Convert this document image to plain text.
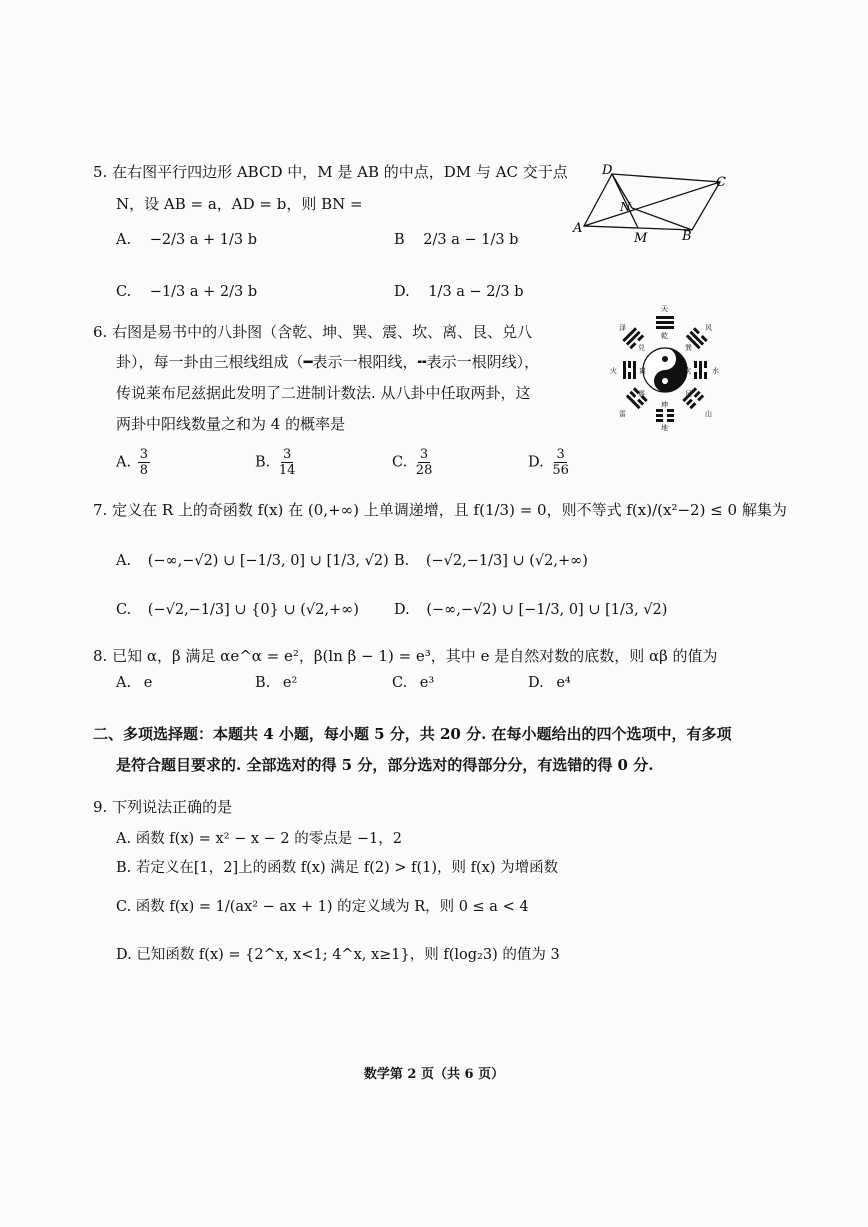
5. 在右图平行四边形 ABCD 中，M 是 AB 的中点，DM 与 AC 交于点
N，设 AB = a，AD = b，则 BN =
A. −2/3 a + 1/3 b	B 2/3 a − 1/3 b
C. −1/3 a + 2/3 b	D. 1/3 a − 2/3 b
D
C
N
A
M	B
6. 右图是易书中的八卦图（含乾、坤、巽、震、坎、离、艮、兑八
卦），每一卦由三根线组成（━表示一根阳线，╍表示一根阴线），
传说莱布尼兹据此发明了二进制计数法. 从八卦中任取两卦，这
两卦中阳线数量之和为 4 的概率是
A. $\frac{3}{8}$	B. $\frac{3}{14}$	C. $\frac{3}{28}$	D. $\frac{3}{56}$
天
乾
泽
兑
风
巽
火	离	坎	水
雷
震	艮
山
坤
地
7. 定义在 R 上的奇函数 f(x) 在 (0,+∞) 上单调递增，且 f(1/3) = 0，则不等式 f(x)/(x²−2) ≤ 0 解集为
A. (−∞,−√2) ∪ [−1/3, 0] ∪ [1/3, √2) B. (−√2,−1/3] ∪ (√2,+∞)
C. (−√2,−1/3] ∪ {0} ∪ (√2,+∞) D. (−∞,−√2) ∪ [−1/3, 0] ∪ [1/3, √2)
8. 已知 α，β 满足 αe^α = e²，β(ln β − 1) = e³，其中 e 是自然对数的底数，则 αβ 的值为
A. e	B. e²	C. e³	D. e⁴
二、多项选择题：本题共 4 小题，每小题 5 分，共 20 分. 在每小题给出的四个选项中，有多项
是符合题目要求的. 全部选对的得 5 分，部分选对的得部分分，有选错的得 0 分.
9. 下列说法正确的是
A. 函数 f(x) = x² − x − 2 的零点是 −1，2
B. 若定义在[1，2]上的函数 f(x) 满足 f(2) > f(1)，则 f(x) 为增函数
C. 函数 f(x) = 1/(ax² − ax + 1) 的定义域为 R，则 0 ≤ a < 4
D. 已知函数 f(x) = {2^x, x<1; 4^x, x≥1}，则 f(log₂3) 的值为 3
数学第 2 页（共 6 页）
